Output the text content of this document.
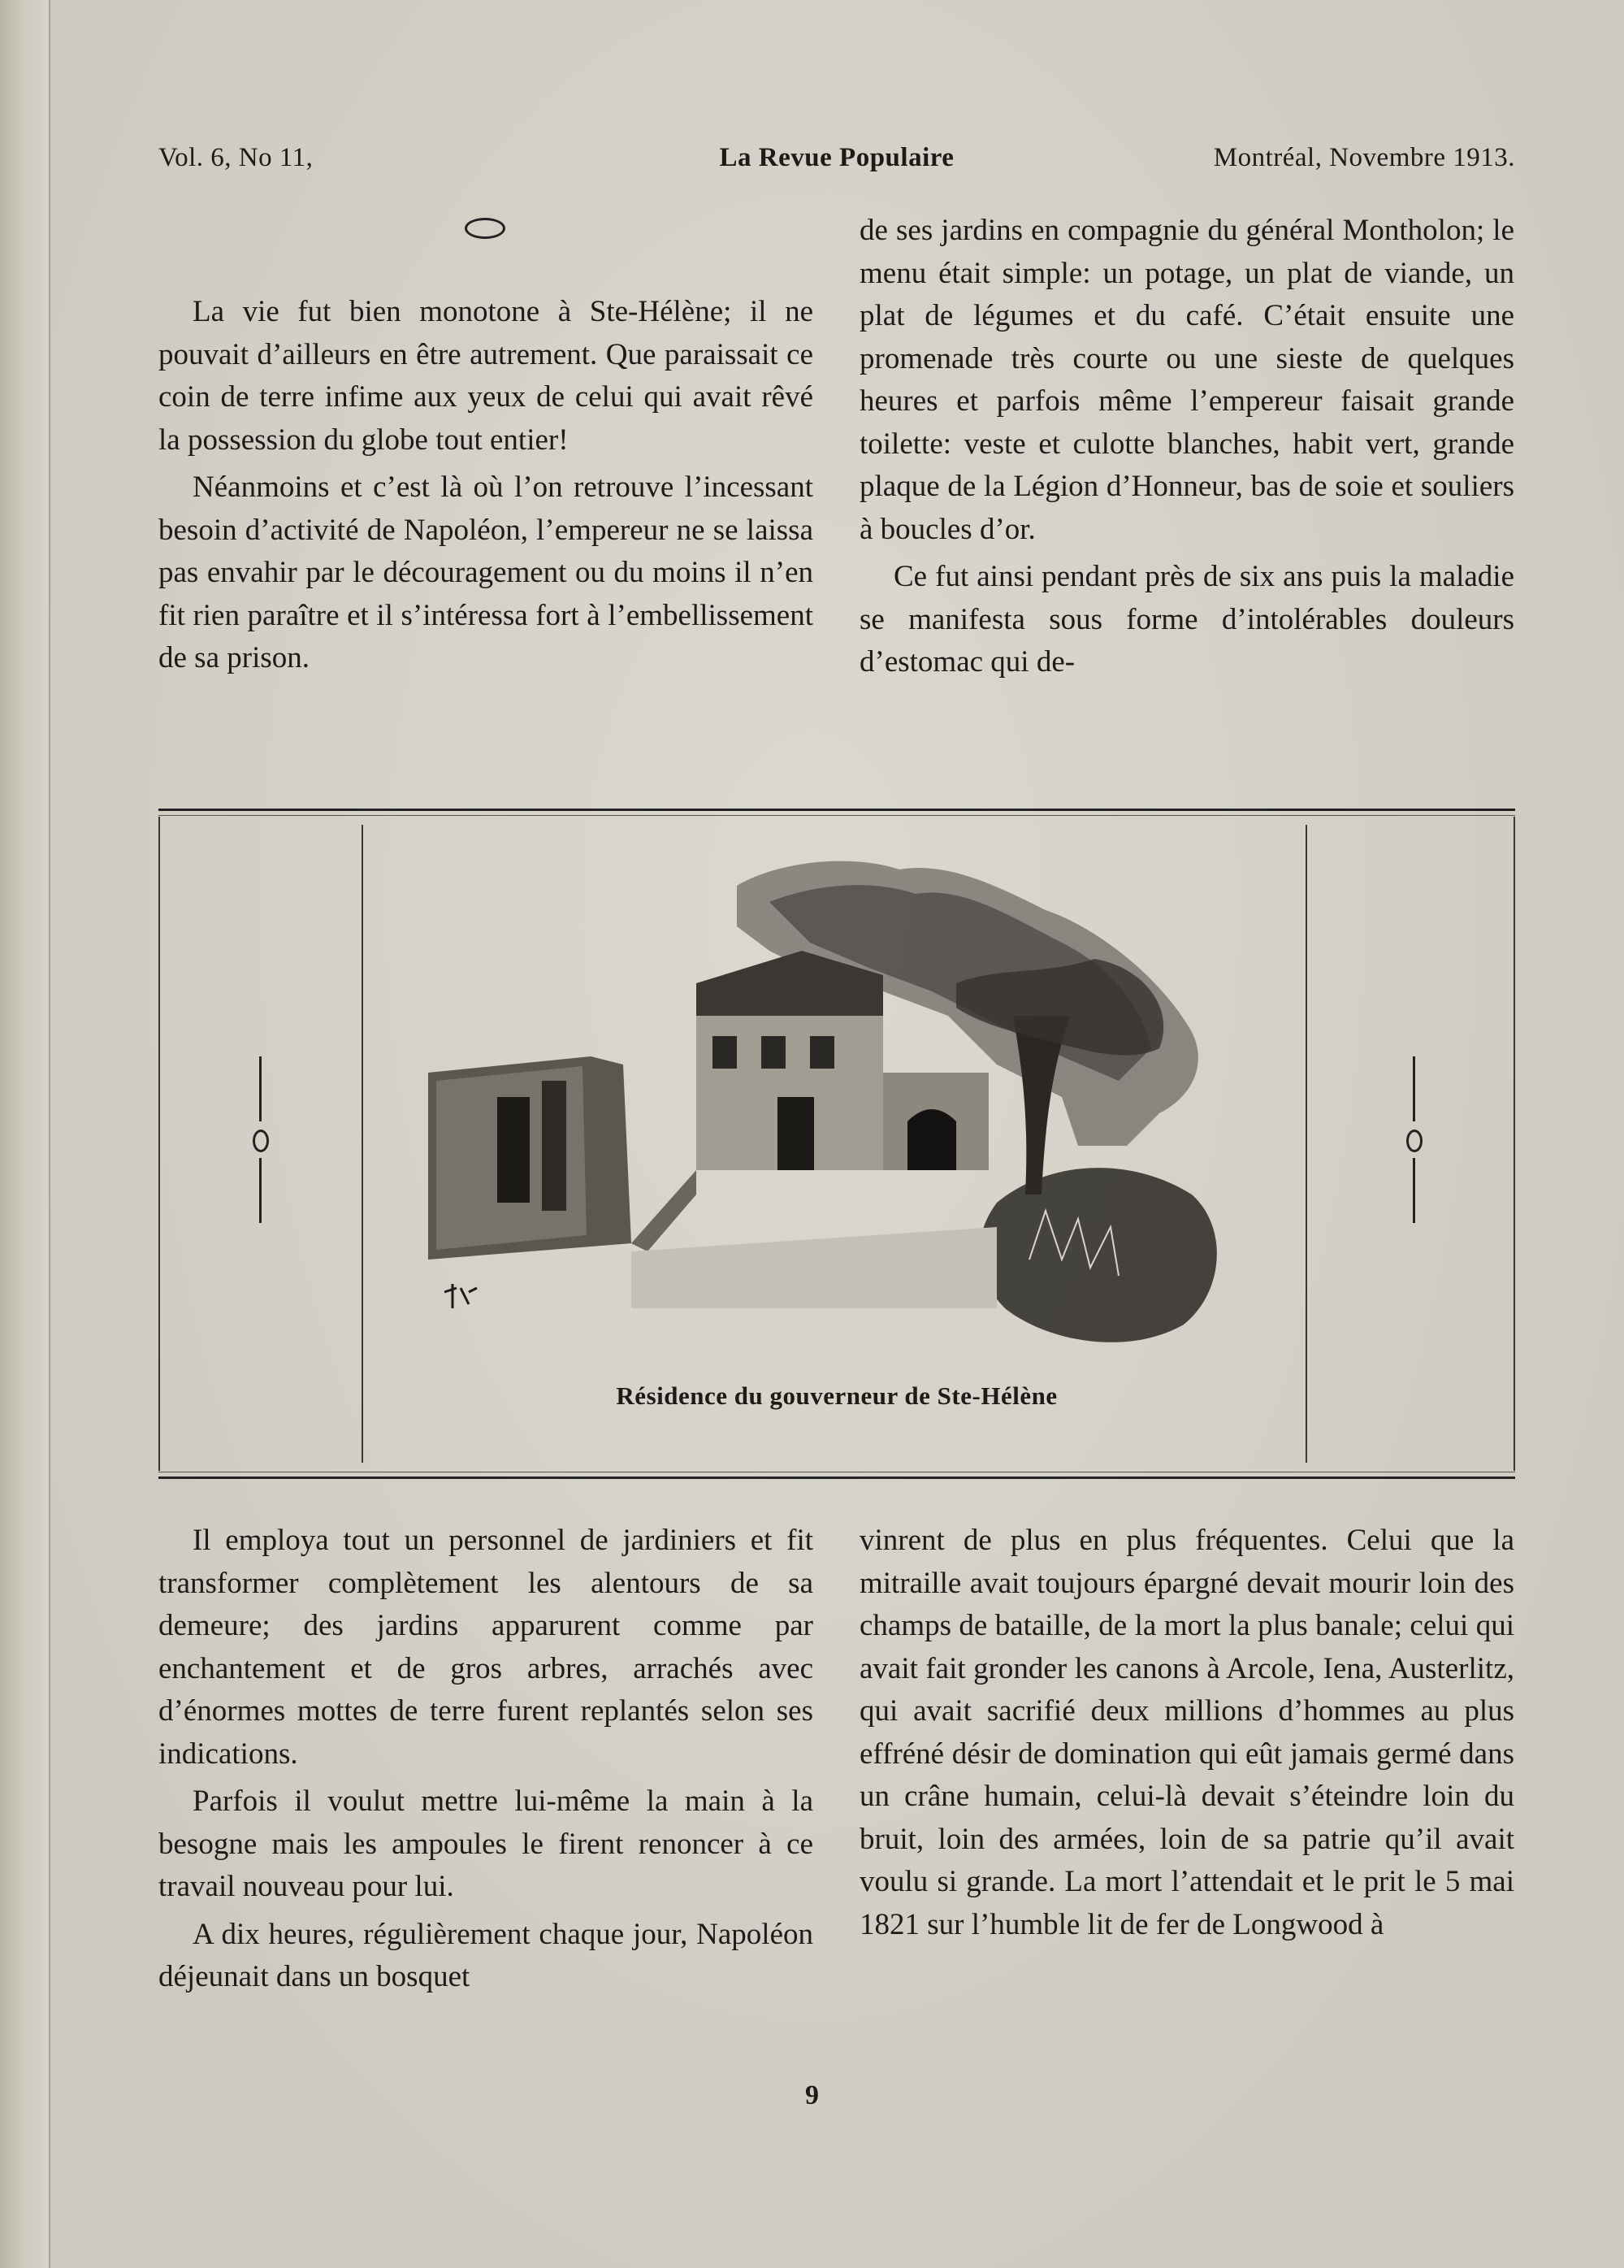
Vol. 6, No 11,	La Revue Populaire	Montréal, Novembre 1913.

La vie fut bien monotone à Ste-Hélène; il ne pouvait d’ailleurs en être autrement. Que paraissait ce coin de terre infime aux yeux de celui qui avait rêvé la possession du globe tout entier!

Néanmoins et c’est là où l’on retrouve l’incessant besoin d’activité de Napoléon, l’empereur ne se laissa pas envahir par le découragement ou du moins il n’en fit rien paraître et il s’intéressa fort à l’embellissement de sa prison.

de ses jardins en compagnie du général Montholon; le menu était simple: un potage, un plat de viande, un plat de légumes et du café. C’était ensuite une promenade très courte ou une sieste de quelques heures et parfois même l’empereur faisait grande toilette: veste et culotte blanches, habit vert, grande plaque de la Légion d’Honneur, bas de soie et souliers à boucles d’or.

Ce fut ainsi pendant près de six ans puis la maladie se manifesta sous forme d’intolérables douleurs d’estomac qui de-

Résidence du gouverneur de Ste-Hélène

Il employa tout un personnel de jardiniers et fit transformer complètement les alentours de sa demeure; des jardins apparurent comme par enchantement et de gros arbres, arrachés avec d’énormes mottes de terre furent replantés selon ses indications.

Parfois il voulut mettre lui-même la main à la besogne mais les ampoules le firent renoncer à ce travail nouveau pour lui.

A dix heures, régulièrement chaque jour, Napoléon déjeunait dans un bosquet

vinrent de plus en plus fréquentes. Celui que la mitraille avait toujours épargné devait mourir loin des champs de bataille, de la mort la plus banale; celui qui avait fait gronder les canons à Arcole, Iena, Austerlitz, qui avait sacrifié deux millions d’hommes au plus effréné désir de domination qui eût jamais germé dans un crâne humain, celui-là devait s’éteindre loin du bruit, loin des armées, loin de sa patrie qu’il avait voulu si grande. La mort l’attendait et le prit le 5 mai 1821 sur l’humble lit de fer de Longwood à

9
